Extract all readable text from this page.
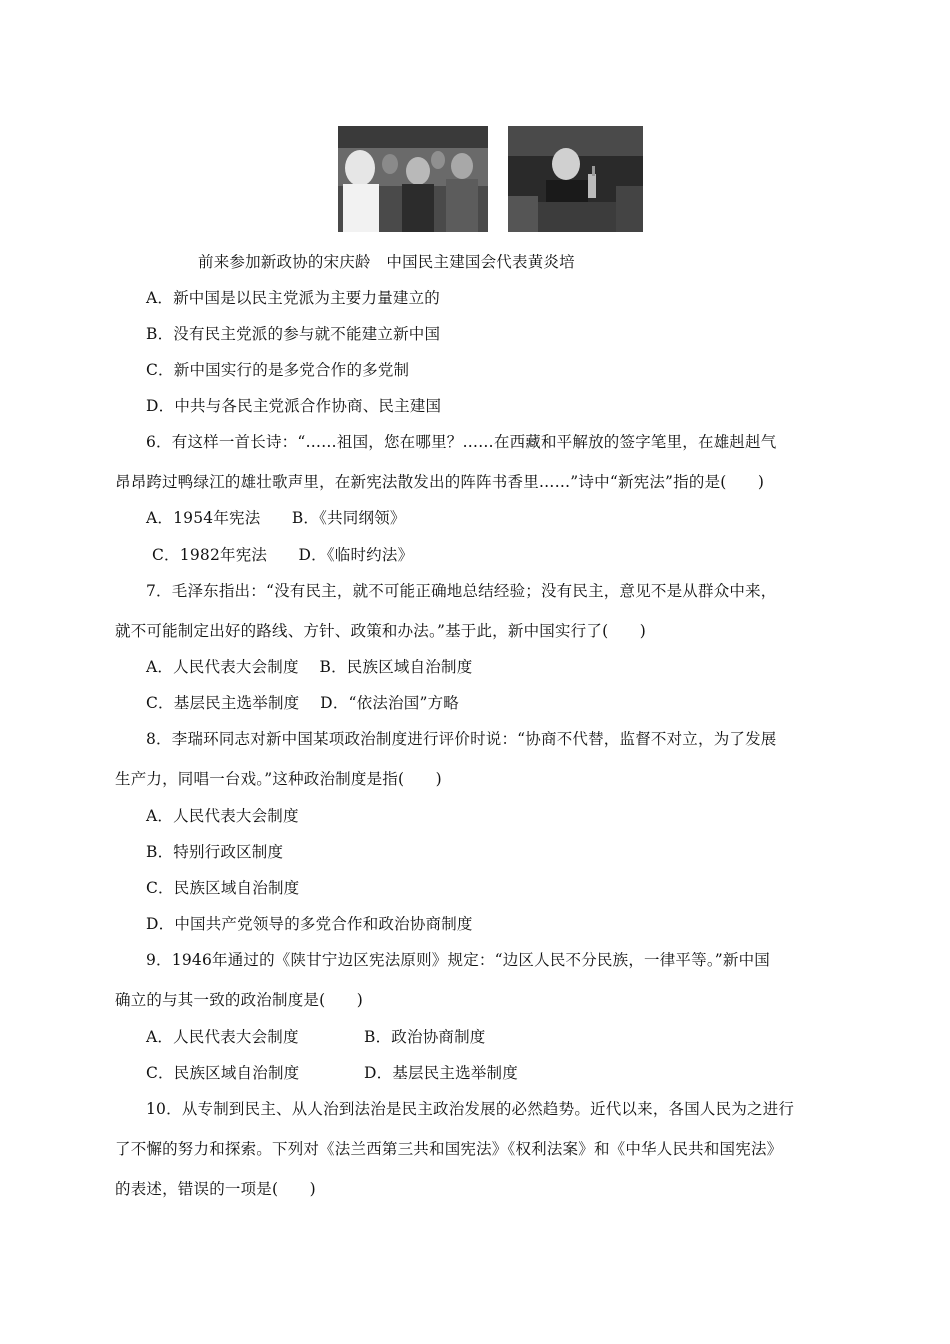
前来参加新政协的宋庆龄　中国民主建国会代表黄炎培
A．新中国是以民主党派为主要力量建立的
B．没有民主党派的参与就不能建立新中国
C．新中国实行的是多党合作的多党制
D．中共与各民主党派合作协商、民主建国
6．有这样一首长诗：“……祖国，您在哪里？……在西藏和平解放的签字笔里，在雄赳赳气
昂昂跨过鸭绿江的雄壮歌声里，在新宪法散发出的阵阵书香里……”诗中“新宪法”指的是(　　)
A．1954年宪法　　B．《共同纲领》
C．1982年宪法　　D．《临时约法》
7．毛泽东指出：“没有民主，就不可能正确地总结经验；没有民主，意见不是从群众中来，
就不可能制定出好的路线、方针、政策和办法。”基于此，新中国实行了(　　)
A．人民代表大会制度　 B．民族区域自治制度
C．基层民主选举制度　 D．“依法治国”方略
8．李瑞环同志对新中国某项政治制度进行评价时说：“协商不代替，监督不对立，为了发展
生产力，同唱一台戏。”这种政治制度是指(　　)
A．人民代表大会制度
B．特别行政区制度
C．民族区域自治制度
D．中国共产党领导的多党合作和政治协商制度
9．1946年通过的《陕甘宁边区宪法原则》规定：“边区人民不分民族，一律平等。”新中国
确立的与其一致的政治制度是(　　)
A．人民代表大会制度	B．政治协商制度
C．民族区域自治制度	D．基层民主选举制度
10．从专制到民主、从人治到法治是民主政治发展的必然趋势。近代以来，各国人民为之进行
了不懈的努力和探索。下列对《法兰西第三共和国宪法》《权利法案》和《中华人民共和国宪法》
的表述，错误的一项是(　　)
